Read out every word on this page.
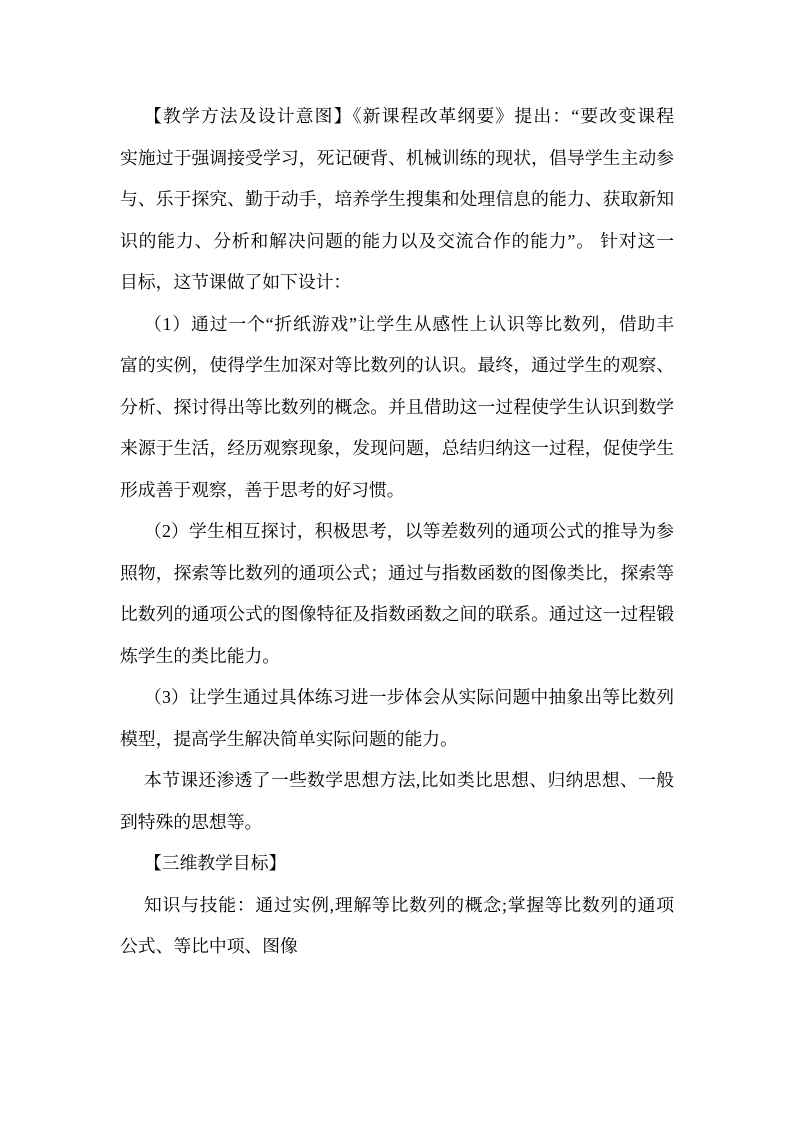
【教学方法及设计意图】《新课程改革纲要》提出：“要改变课程
实施过于强调接受学习，死记硬背、机械训练的现状，倡导学生主动参
与、乐于探究、勤于动手，培养学生搜集和处理信息的能力、获取新知
识的能力、分析和解决问题的能力以及交流合作的能力”。 针对这一
目标，这节课做了如下设计：
（1）通过一个“折纸游戏”让学生从感性上认识等比数列，借助丰
富的实例，使得学生加深对等比数列的认识。最终，通过学生的观察、
分析、探讨得出等比数列的概念。并且借助这一过程使学生认识到数学
来源于生活，经历观察现象，发现问题，总结归纳这一过程，促使学生
形成善于观察，善于思考的好习惯。
（2）学生相互探讨，积极思考，以等差数列的通项公式的推导为参
照物，探索等比数列的通项公式；通过与指数函数的图像类比，探索等
比数列的通项公式的图像特征及指数函数之间的联系。通过这一过程锻
炼学生的类比能力。
（3）让学生通过具体练习进一步体会从实际问题中抽象出等比数列
模型，提高学生解决简单实际问题的能力。
本节课还渗透了一些数学思想方法,比如类比思想、归纳思想、一般
到特殊的思想等。
【三维教学目标】
知识与技能：通过实例,理解等比数列的概念;掌握等比数列的通项
公式、等比中项、图像
